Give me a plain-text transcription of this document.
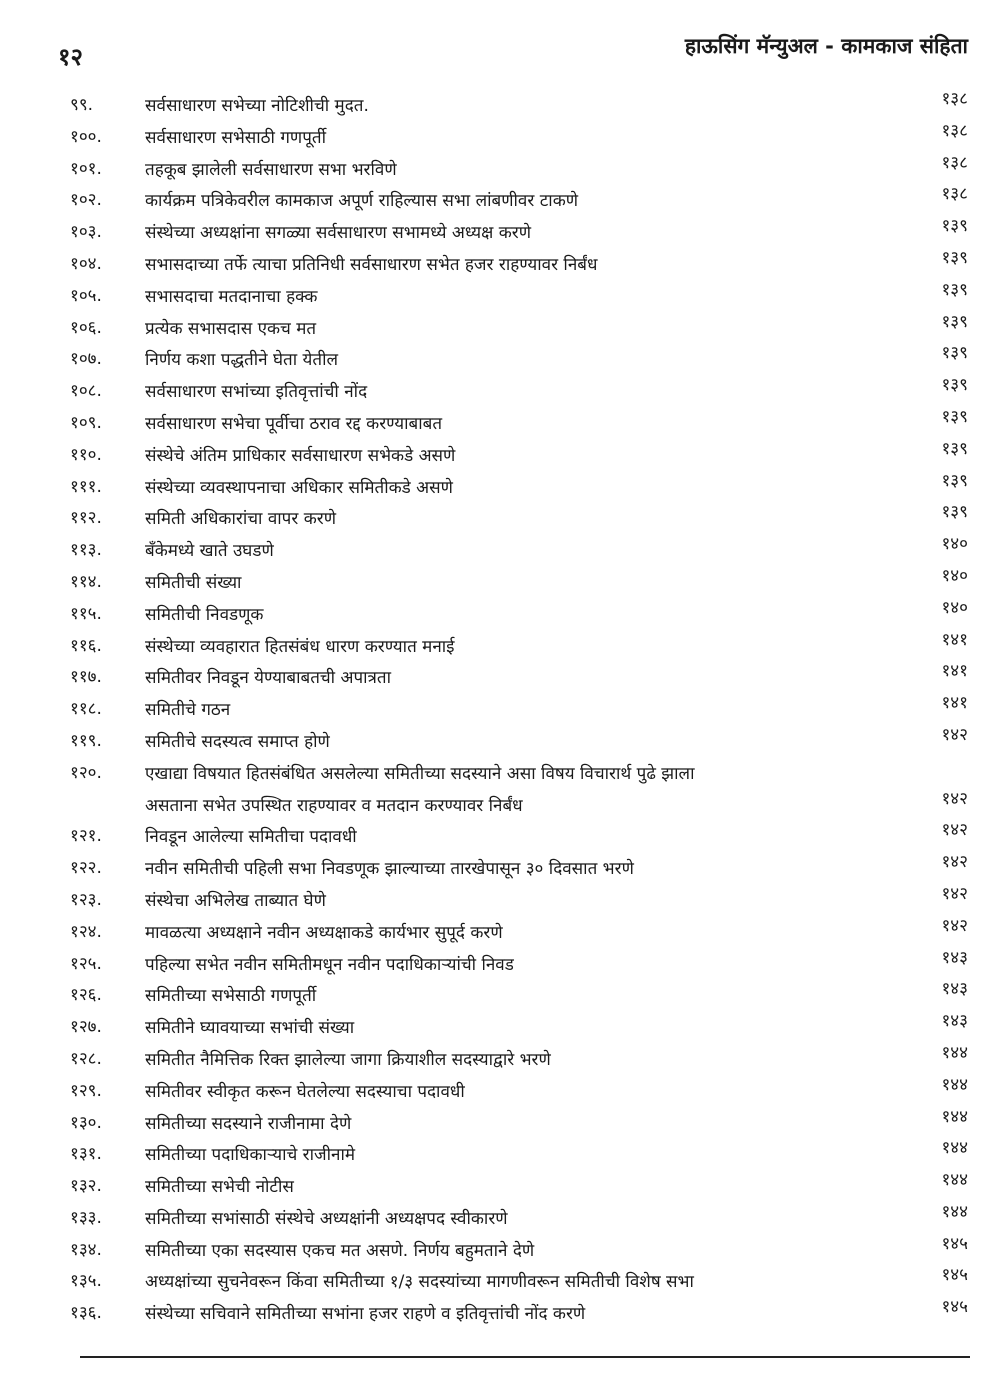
१२	हाऊसिंग मॅन्युअल - कामकाज संहिता
९९.	सर्वसाधारण सभेच्या नोटिशीची मुदत.	१३८
१००.	सर्वसाधारण सभेसाठी गणपूर्ती	१३८
१०१.	तहकूब झालेली सर्वसाधारण सभा भरविणे	१३८
१०२.	कार्यक्रम पत्रिकेवरील कामकाज अपूर्ण राहिल्यास सभा लांबणीवर टाकणे	१३८
१०३.	संस्थेच्या अध्यक्षांना सगळ्या सर्वसाधारण सभामध्ये अध्यक्ष करणे	१३९
१०४.	सभासदाच्या तर्फे त्याचा प्रतिनिधी सर्वसाधारण सभेत हजर राहण्यावर निर्बंध	१३९
१०५.	सभासदाचा मतदानाचा हक्क	१३९
१०६.	प्रत्येक सभासदास एकच मत	१३९
१०७.	निर्णय कशा पद्धतीने घेता येतील	१३९
१०८.	सर्वसाधारण सभांच्या इतिवृत्तांची नोंद	१३९
१०९.	सर्वसाधारण सभेचा पूर्वीचा ठराव रद्द करण्याबाबत	१३९
११०.	संस्थेचे अंतिम प्राधिकार सर्वसाधारण सभेकडे असणे	१३९
१११.	संस्थेच्या व्यवस्थापनाचा अधिकार समितीकडे असणे	१३९
११२.	समिती अधिकारांचा वापर करणे	१३९
११३.	बँकेमध्ये खाते उघडणे	१४०
११४.	समितीची संख्या	१४०
११५.	समितीची निवडणूक	१४०
११६.	संस्थेच्या व्यवहारात हितसंबंध धारण करण्यात मनाई	१४१
११७.	समितीवर निवडून येण्याबाबतची अपात्रता	१४१
११८.	समितीचे गठन	१४१
११९.	समितीचे सदस्यत्व समाप्त होणे	१४२
१२०.	एखाद्या विषयात हितसंबंधित असलेल्या समितीच्या सदस्याने असा विषय विचारार्थ पुढे झाला
असताना सभेत उपस्थित राहण्यावर व मतदान करण्यावर निर्बंध	१४२
१२१.	निवडून आलेल्या समितीचा पदावधी	१४२
१२२.	नवीन समितीची पहिली सभा निवडणूक झाल्याच्या तारखेपासून ३० दिवसात भरणे	१४२
१२३.	संस्थेचा अभिलेख ताब्यात घेणे	१४२
१२४.	मावळत्या अध्यक्षाने नवीन अध्यक्षाकडे कार्यभार सुपूर्द करणे	१४२
१२५.	पहिल्या सभेत नवीन समितीमधून नवीन पदाधिकाऱ्यांची निवड	१४३
१२६.	समितीच्या सभेसाठी गणपूर्ती	१४३
१२७.	समितीने घ्यावयाच्या सभांची संख्या	१४३
१२८.	समितीत नैमित्तिक रिक्त झालेल्या जागा क्रियाशील सदस्याद्वारे भरणे	१४४
१२९.	समितीवर स्वीकृत करून घेतलेल्या सदस्याचा पदावधी	१४४
१३०.	समितीच्या सदस्याने राजीनामा देणे	१४४
१३१.	समितीच्या पदाधिकाऱ्याचे राजीनामे	१४४
१३२.	समितीच्या सभेची नोटीस	१४४
१३३.	समितीच्या सभांसाठी संस्थेचे अध्यक्षांनी अध्यक्षपद स्वीकारणे	१४४
१३४.	समितीच्या एका सदस्यास एकच मत असणे. निर्णय बहुमताने देणे	१४५
१३५.	अध्यक्षांच्या सुचनेवरून किंवा समितीच्या १/३ सदस्यांच्या मागणीवरून समितीची विशेष सभा	१४५
१३६.	संस्थेच्या सचिवाने समितीच्या सभांना हजर राहणे व इतिवृत्तांची नोंद करणे	१४५
